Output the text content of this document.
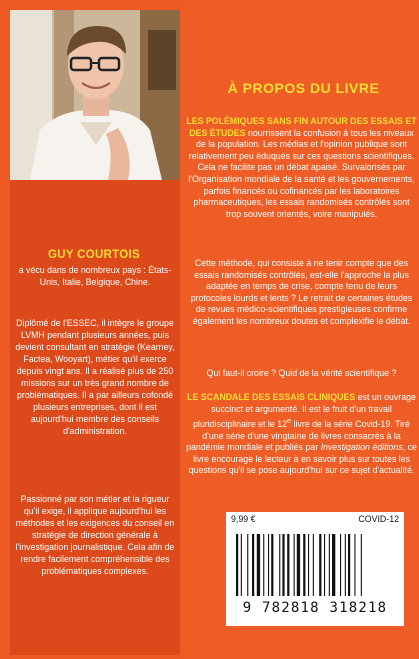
GUY COURTOIS

a vécu dans de nombreux pays : États-Unis, Italie, Belgique, Chine.

Diplômé de l'ESSEC, il intègre le groupe LVMH pendant plusieurs années, puis devient consultant en stratégie (Kearney, Factea, Wooyart), métier qu'il exerce depuis vingt ans. Il a réalisé plus de 250 missions sur un très grand nombre de problématiques. Il a par ailleurs cofondé plusieurs entreprises, dont il est aujourd'hui membre des conseils d'administration.

Passionné par son métier et la rigueur qu'il exige, il applique aujourd'hui les méthodes et les exigences du conseil en stratégie de direction générale à l'investigation journalistique. Cela afin de rendre facilement compréhensible des problématiques complexes.

À PROPOS DU LIVRE

LES POLÉMIQUES SANS FIN AUTOUR DES ESSAIS ET DES ÉTUDES nourrissent la confusion à tous les niveaux de la population. Les médias et l'opinion publique sont relativement peu éduqués sur ces questions scientifiques. Cela ne facilite pas un débat apaisé. Survalorisés par l'Organisation mondiale de la santé et les gouvernements, parfois financés ou cofinancés par les laboratoires pharmaceutiques, les essais randomisés contrôlés sont trop souvent orientés, voire manipulés.

Cette méthode, qui consiste à ne tenir compte que des essais randomisés contrôlés, est-elle l'approche la plus adaptée en temps de crise, compte tenu de leurs protocoles lourds et lents ? Le retrait de certaines études de revues médico-scientifiques prestigieuses confirme également les nombreux doutes et complexifie le débat.

Qui faut-il croire ? Quid de la vérité scientifique ?

LE SCANDALE DES ESSAIS CLINIQUES est un ouvrage succinct et argumenté. Il est le fruit d'un travail pluridisciplinaire et le 12e livre de la série Covid-19. Tiré d'une série d'une vingtaine de livres consacrés à la pandémie mondiale et publiés par Investigation éditions, ce livre encourage le lecteur à en savoir plus sur toutes les questions qu'il se pose aujourd'hui sur ce sujet d'actualité.

9,99 €	COVID-12
9 782818 318218
